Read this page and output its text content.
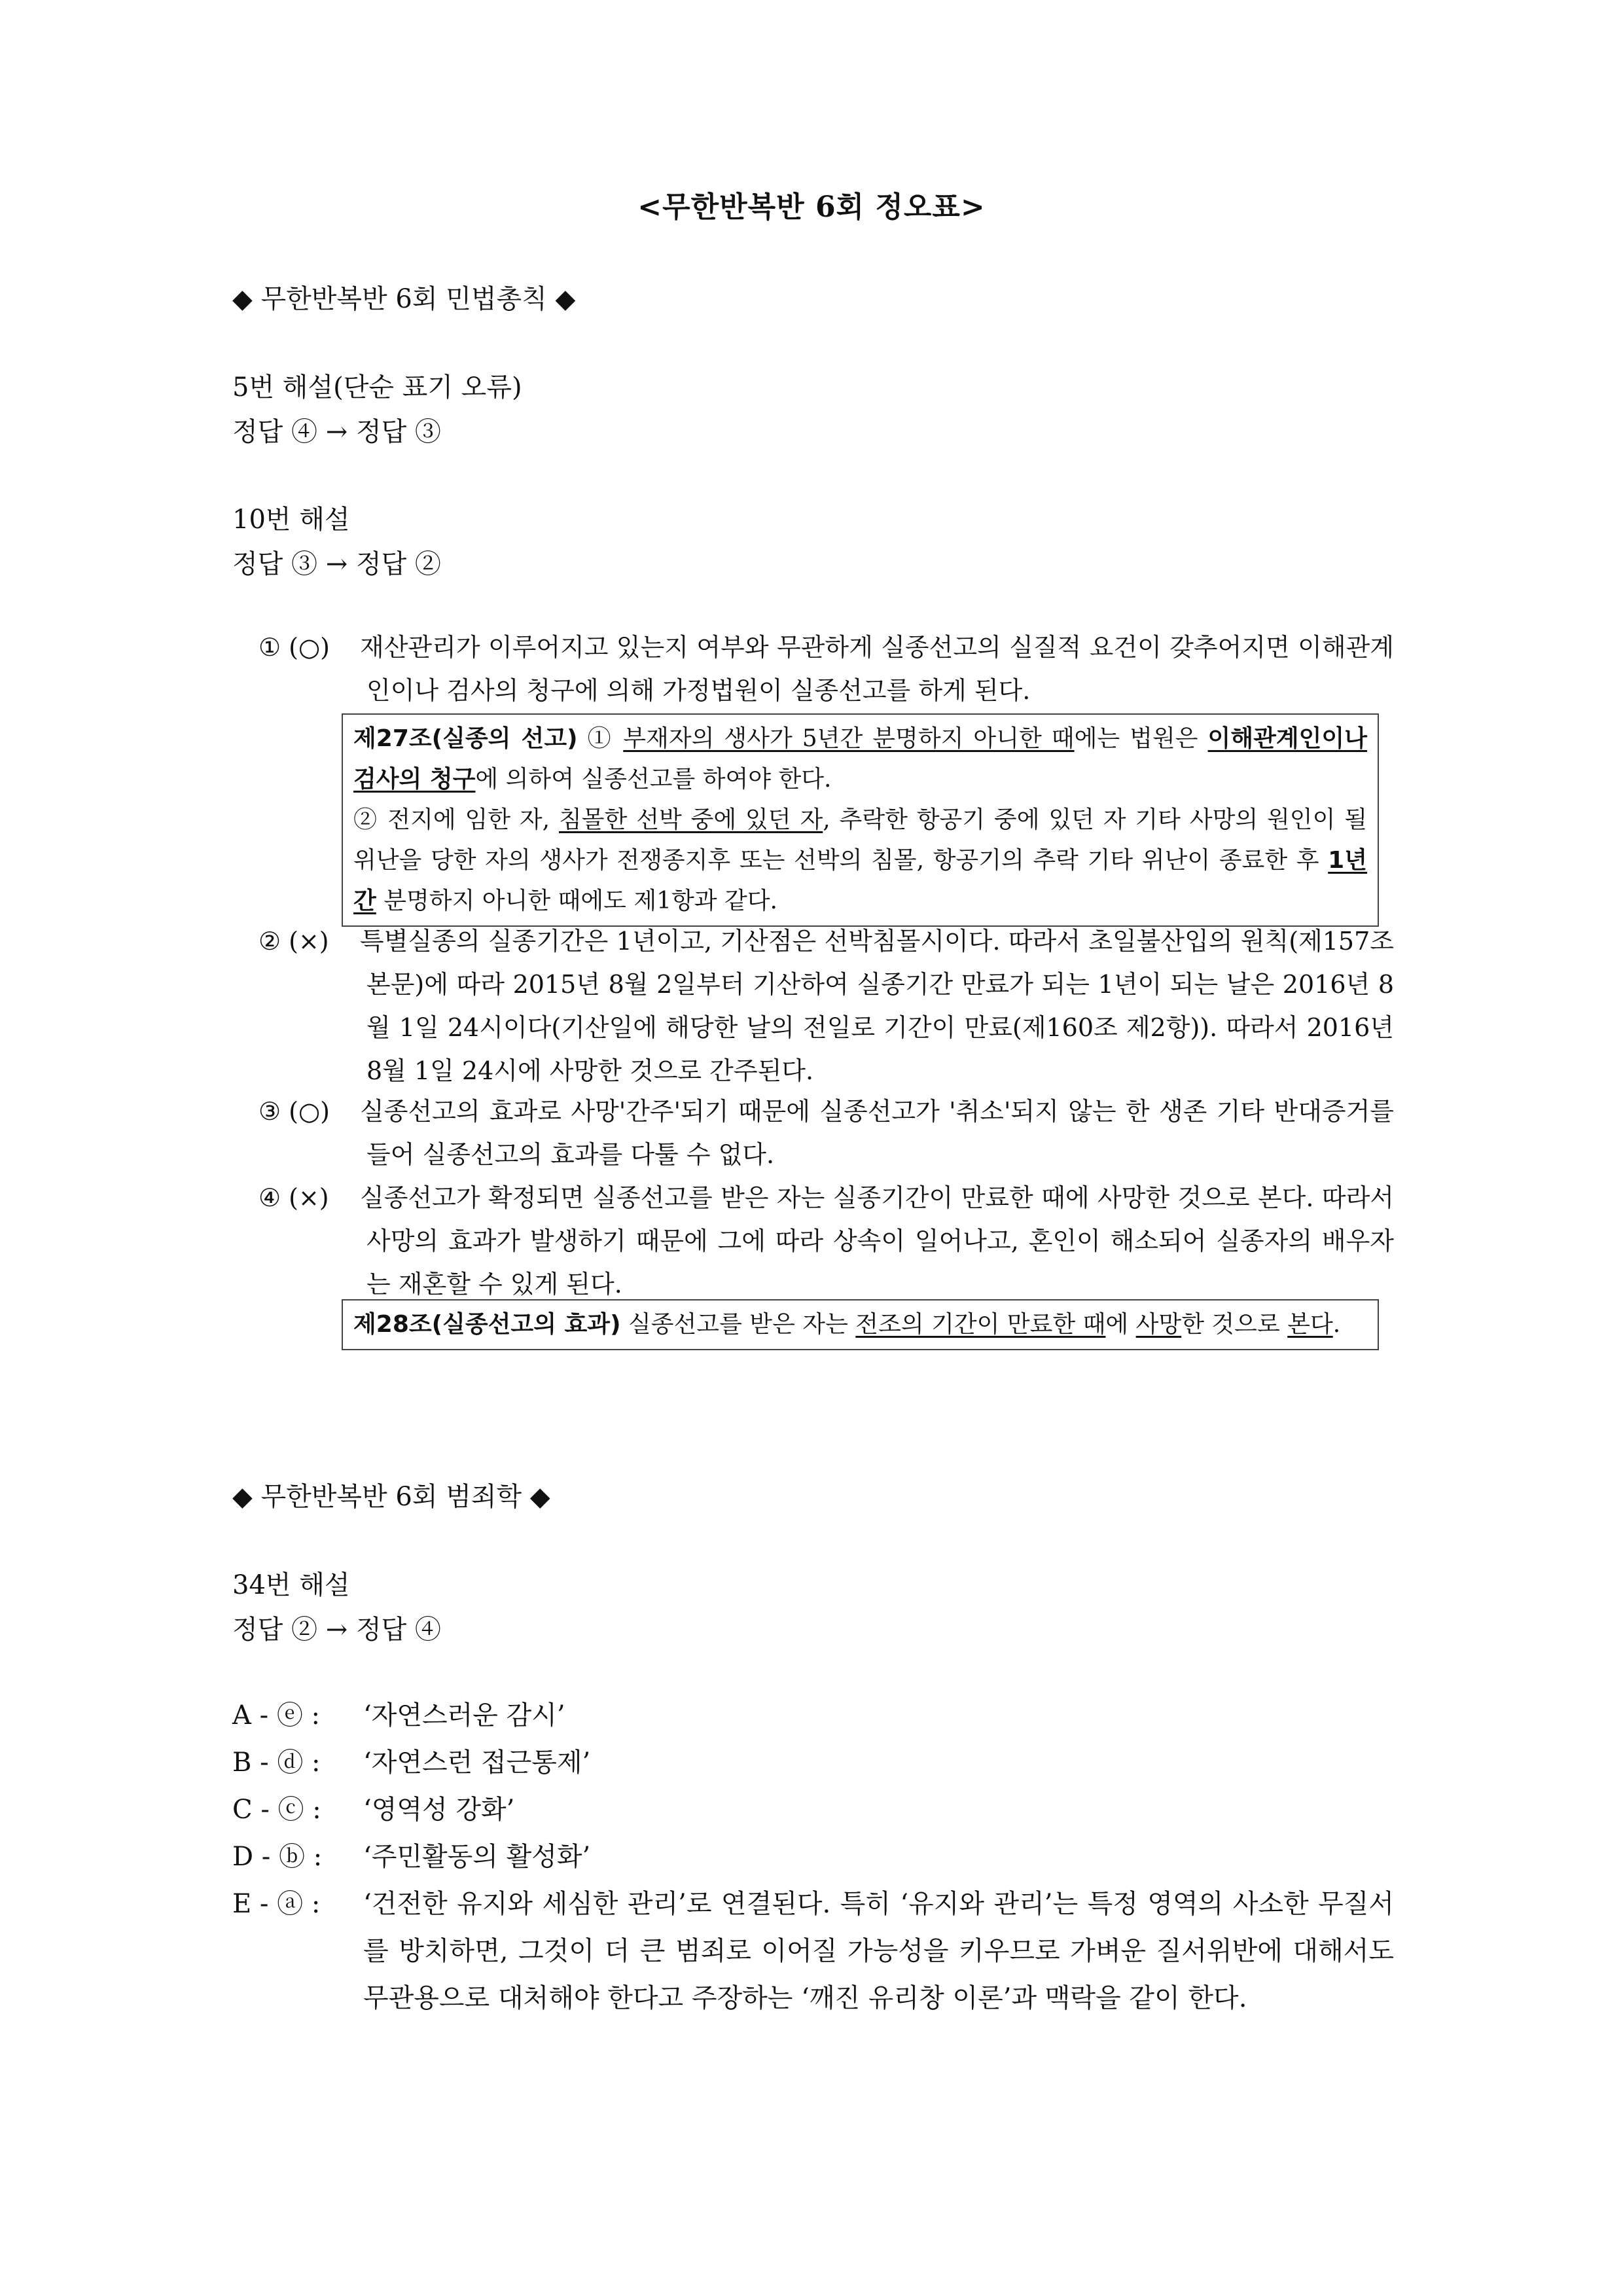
<무한반복반 6회 정오표>
◆ 무한반복반 6회 민법총칙 ◆
5번 해설(단순 표기 오류)
정답 ④ → 정답 ③
10번 해설
정답 ③ → 정답 ②
① (○) 재산관리가 이루어지고 있는지 여부와 무관하게 실종선고의 실질적 요건이 갖추어지면 이해관계인이나 검사의 청구에 의해 가정법원이 실종선고를 하게 된다.
제27조(실종의 선고) ① 부재자의 생사가 5년간 분명하지 아니한 때에는 법원은 이해관계인이나 검사의 청구에 의하여 실종선고를 하여야 한다.
② 전지에 임한 자, 침몰한 선박 중에 있던 자, 추락한 항공기 중에 있던 자 기타 사망의 원인이 될 위난을 당한 자의 생사가 전쟁종지후 또는 선박의 침몰, 항공기의 추락 기타 위난이 종료한 후 1년간 분명하지 아니한 때에도 제1항과 같다.
② (×) 특별실종의 실종기간은 1년이고, 기산점은 선박침몰시이다. 따라서 초일불산입의 원칙(제157조 본문)에 따라 2015년 8월 2일부터 기산하여 실종기간 만료가 되는 1년이 되는 날은 2016년 8월 1일 24시이다(기산일에 해당한 날의 전일로 기간이 만료(제160조 제2항)). 따라서 2016년 8월 1일 24시에 사망한 것으로 간주된다.
③ (○) 실종선고의 효과로 사망'간주'되기 때문에 실종선고가 '취소'되지 않는 한 생존 기타 반대증거를 들어 실종선고의 효과를 다툴 수 없다.
④ (×) 실종선고가 확정되면 실종선고를 받은 자는 실종기간이 만료한 때에 사망한 것으로 본다. 따라서 사망의 효과가 발생하기 때문에 그에 따라 상속이 일어나고, 혼인이 해소되어 실종자의 배우자는 재혼할 수 있게 된다.
제28조(실종선고의 효과) 실종선고를 받은 자는 전조의 기간이 만료한 때에 사망한 것으로 본다.
◆ 무한반복반 6회 범죄학 ◆
34번 해설
정답 ② → 정답 ④
A - ⓔ : ‘자연스러운 감시’
B - ⓓ : ‘자연스런 접근통제’
C - ⓒ : ‘영역성 강화’
D - ⓑ : ‘주민활동의 활성화’
E - ⓐ : ‘건전한 유지와 세심한 관리’로 연결된다. 특히 ‘유지와 관리’는 특정 영역의 사소한 무질서를 방치하면, 그것이 더 큰 범죄로 이어질 가능성을 키우므로 가벼운 질서위반에 대해서도 무관용으로 대처해야 한다고 주장하는 ‘깨진 유리창 이론’과 맥락을 같이 한다.
